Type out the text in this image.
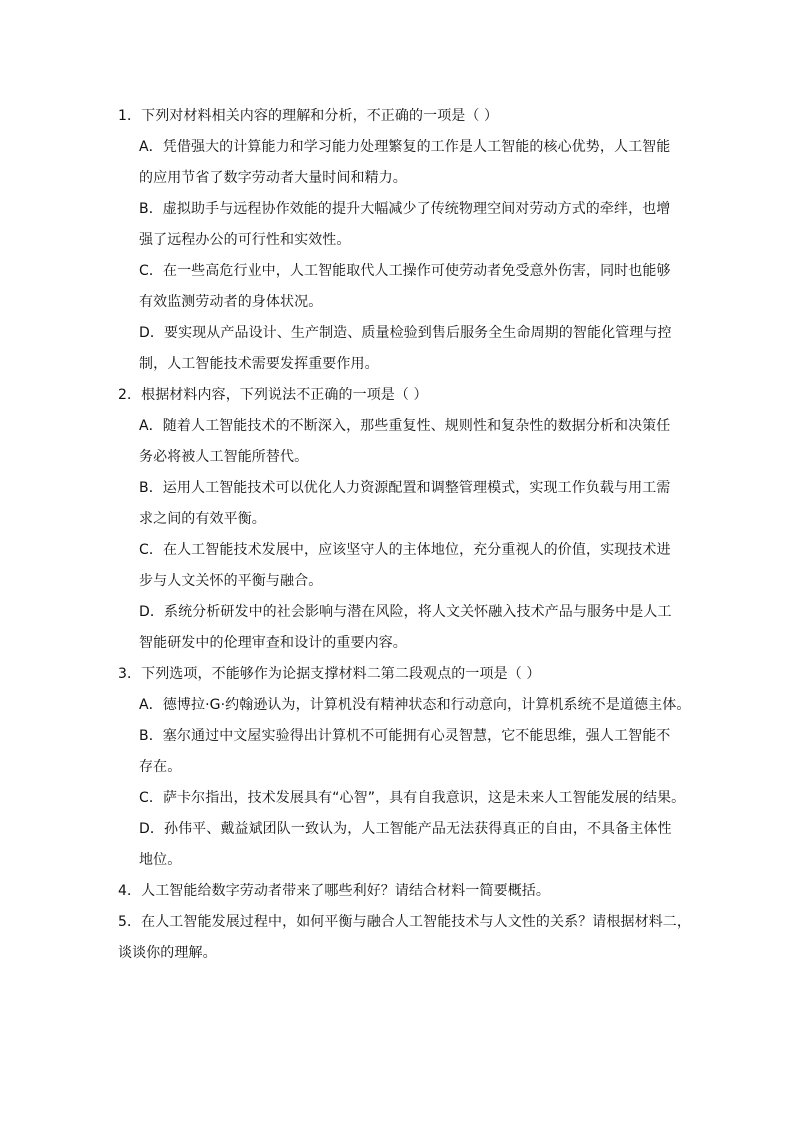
1．下列对材料相关内容的理解和分析，不正确的一项是（ ）
A．凭借强大的计算能力和学习能力处理繁复的工作是人工智能的核心优势，人工智能
的应用节省了数字劳动者大量时间和精力。
B．虚拟助手与远程协作效能的提升大幅减少了传统物理空间对劳动方式的牵绊，也增
强了远程办公的可行性和实效性。
C．在一些高危行业中，人工智能取代人工操作可使劳动者免受意外伤害，同时也能够
有效监测劳动者的身体状况。
D．要实现从产品设计、生产制造、质量检验到售后服务全生命周期的智能化管理与控
制，人工智能技术需要发挥重要作用。
2．根据材料内容，下列说法不正确的一项是（ ）
A．随着人工智能技术的不断深入，那些重复性、规则性和复杂性的数据分析和决策任
务必将被人工智能所替代。
B．运用人工智能技术可以优化人力资源配置和调整管理模式，实现工作负载与用工需
求之间的有效平衡。
C．在人工智能技术发展中，应该坚守人的主体地位，充分重视人的价值，实现技术进
步与人文关怀的平衡与融合。
D．系统分析研发中的社会影响与潜在风险，将人文关怀融入技术产品与服务中是人工
智能研发中的伦理审查和设计的重要内容。
3．下列选项，不能够作为论据支撑材料二第二段观点的一项是（ ）
A．德博拉·G·约翰逊认为，计算机没有精神状态和行动意向，计算机系统不是道德主体。
B．塞尔通过中文屋实验得出计算机不可能拥有心灵智慧，它不能思维，强人工智能不
存在。
C．萨卡尔指出，技术发展具有“心智”，具有自我意识，这是未来人工智能发展的结果。
D．孙伟平、戴益斌团队一致认为，人工智能产品无法获得真正的自由，不具备主体性
地位。
4．人工智能给数字劳动者带来了哪些利好？请结合材料一简要概括。
5．在人工智能发展过程中，如何平衡与融合人工智能技术与人文性的关系？请根据材料二，
谈谈你的理解。
